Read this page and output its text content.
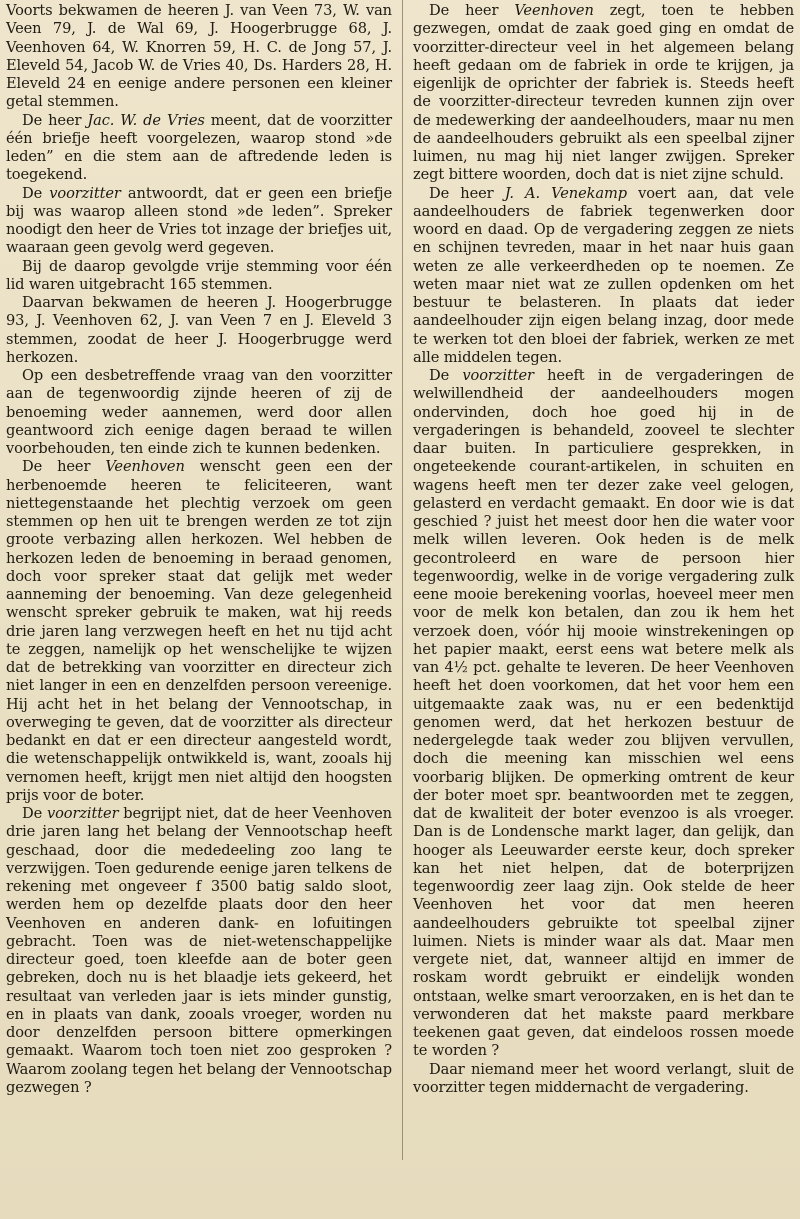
Voorts bekwamen de heeren J. van Veen 73, W. van Veen 79, J. de Wal 69, J. Hoogerbrugge 68, J. Veenhoven 64, W. Knorren 59, H. C. de Jong 57, J. Eleveld 54, Jacob W. de Vries 40, Ds. Harders 28, H. Eleveld 24 en eenige andere personen een kleiner getal stemmen.

De heer Jac. W. de Vries meent, dat de voorzitter één briefje heeft voorgelezen, waarop stond »de leden” en die stem aan de aftredende leden is toegekend.

De voorzitter antwoordt, dat er geen een briefje bij was waarop alleen stond »de leden”. Spreker noodigt den heer de Vries tot inzage der briefjes uit, waaraan geen gevolg werd gegeven.

Bij de daarop gevolgde vrije stemming voor één lid waren uitgebracht 165 stemmen.

Daarvan bekwamen de heeren J. Hoogerbrugge 93, J. Veenhoven 62, J. van Veen 7 en J. Eleveld 3 stemmen, zoodat de heer J. Hoogerbrugge werd herkozen.

Op een desbetreffende vraag van den voorzitter aan de tegenwoordig zijnde heeren of zij de benoeming weder aannemen, werd door allen geantwoord zich eenige dagen beraad te willen voorbehouden, ten einde zich te kunnen bedenken.

De heer Veenhoven wenscht geen een der herbenoemde heeren te feliciteeren, want niettegenstaande het plechtig verzoek om geen stemmen op hen uit te brengen werden ze tot zijn groote verbazing allen herkozen. Wel hebben de herkozen leden de benoeming in beraad genomen, doch voor spreker staat dat gelijk met weder aanneming der benoeming. Van deze gelegenheid wenscht spreker gebruik te maken, wat hij reeds drie jaren lang verzwegen heeft en het nu tijd acht te zeggen, namelijk op het wenschelijke te wijzen dat de betrekking van voorzitter en directeur zich niet langer in een en denzelfden persoon vereenige. Hij acht het in het belang der Vennootschap, in overweging te geven, dat de voorzitter als directeur bedankt en dat er een directeur aangesteld wordt, die wetenschappelijk ontwikkeld is, want, zooals hij vernomen heeft, krijgt men niet altijd den hoogsten prijs voor de boter.

De voorzitter begrijpt niet, dat de heer Veenhoven drie jaren lang het belang der Vennootschap heeft geschaad, door die mededeeling zoo lang te verzwijgen. Toen gedurende eenige jaren telkens de rekening met ongeveer f 3500 batig saldo sloot, werden hem op dezelfde plaats door den heer Veenhoven en anderen dank- en lofuitingen gebracht. Toen was de niet-wetenschappelijke directeur goed, toen kleefde aan de boter geen gebreken, doch nu is het blaadje iets gekeerd, het resultaat van verleden jaar is iets minder gunstig, en in plaats van dank, zooals vroeger, worden nu door denzelfden persoon bittere opmerkingen gemaakt. Waarom toch toen niet zoo gesproken ? Waarom zoolang tegen het belang der Vennootschap gezwegen ?

De heer Veenhoven zegt, toen te hebben gezwegen, omdat de zaak goed ging en omdat de voorzitter-directeur veel in het algemeen belang heeft gedaan om de fabriek in orde te krijgen, ja eigenlijk de oprichter der fabriek is. Steeds heeft de voorzitter-directeur tevreden kunnen zijn over de medewerking der aandeelhouders, maar nu men de aandeelhouders gebruikt als een speelbal zijner luimen, nu mag hij niet langer zwijgen. Spreker zegt bittere woorden, doch dat is niet zijne schuld.

De heer J. A. Venekamp voert aan, dat vele aandeelhouders de fabriek tegenwerken door woord en daad. Op de vergadering zeggen ze niets en schijnen tevreden, maar in het naar huis gaan weten ze alle verkeerdheden op te noemen. Ze weten maar niet wat ze zullen opdenken om het bestuur te belasteren. In plaats dat ieder aandeelhouder zijn eigen belang inzag, door mede te werken tot den bloei der fabriek, werken ze met alle middelen tegen.

De voorzitter heeft in de vergaderingen de welwillendheid der aandeelhouders mogen ondervinden, doch hoe goed hij in de vergaderingen is behandeld, zooveel te slechter daar buiten. In particuliere gesprekken, in ongeteekende courant-artikelen, in schuiten en wagens heeft men ter dezer zake veel gelogen, gelasterd en verdacht gemaakt. En door wie is dat geschied ? juist het meest door hen die water voor melk willen leveren. Ook heden is de melk gecontroleerd en ware de persoon hier tegenwoordig, welke in de vorige vergadering zulk eene mooie berekening voorlas, hoeveel meer men voor de melk kon betalen, dan zou ik hem het verzoek doen, vóór hij mooie winstrekeningen op het papier maakt, eerst eens wat betere melk als van 4½ pct. gehalte te leveren. De heer Veenhoven heeft het doen voorkomen, dat het voor hem een uitgemaakte zaak was, nu er een bedenktijd genomen werd, dat het herkozen bestuur de nedergelegde taak weder zou blijven vervullen, doch die meening kan misschien wel eens voorbarig blijken. De opmerking omtrent de keur der boter moet spr. beantwoorden met te zeggen, dat de kwaliteit der boter evenzoo is als vroeger. Dan is de Londensche markt lager, dan gelijk, dan hooger als Leeuwarder eerste keur, doch spreker kan het niet helpen, dat de boterprijzen tegenwoordig zeer laag zijn. Ook stelde de heer Veenhoven het voor dat men heeren aandeelhouders gebruikte tot speelbal zijner luimen. Niets is minder waar als dat. Maar men vergete niet, dat, wanneer altijd en immer de roskam wordt gebruikt er eindelijk wonden ontstaan, welke smart veroorzaken, en is het dan te verwonderen dat het makste paard merkbare teekenen gaat geven, dat eindeloos rossen moede te worden ?

Daar niemand meer het woord verlangt, sluit de voorzitter tegen middernacht de vergadering.
